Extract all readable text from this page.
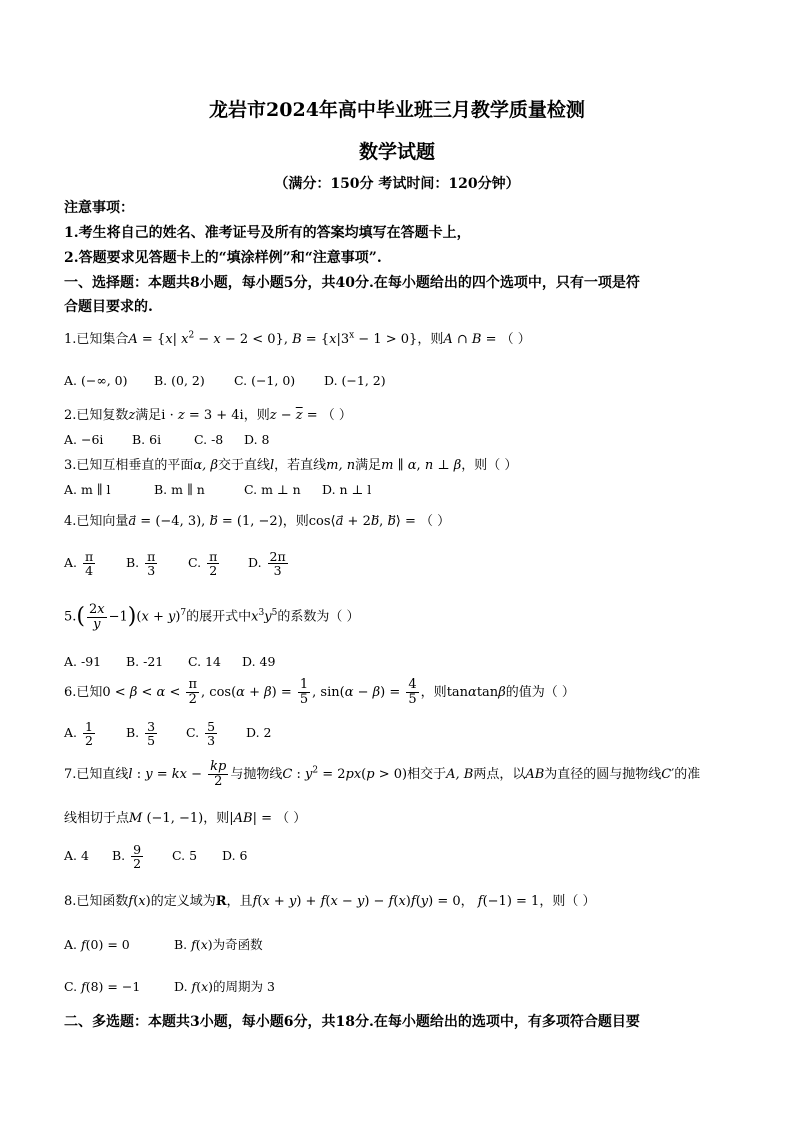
龙岩市2024年高中毕业班三月教学质量检测
数学试题
（满分：150分 考试时间：120分钟）
注意事项：
1.考生将自己的姓名、准考证号及所有的答案均填写在答题卡上，
2.答题要求见答题卡上的“填涂样例”和“注意事项”.
一、选择题：本题共8小题，每小题5分，共40分.在每小题给出的四个选项中，只有一项是符
合题目要求的.
1.已知集合A = {x| $x^2 - x - 2 < 0$}, $B = \{x|3^x - 1 > 0\}$，则A ∩ B = （ ）
A. (−∞, 0) B. (0, 2) C. (−1, 0) D. (−1, 2)
2.已知复数z满足i · z = 3 + 4i，则$z - \overline{z}$ = （ ）
A. −6i B. 6i	C. -8 D. 8
3.已知互相垂直的平面α, β交于直线l，若直线m, n满足m ∥ α, n ⊥ β，则（ ）
A. m ∥ l	B. m ∥ n	C. m ⊥ n D. n ⊥ l
4.已知向量a⃗ = (−4, 3), b⃗ = (1, −2)，则cos⟨a⃗ + 2b⃗, b⃗⟩ = （ ）
A. $\frac{\pi}{4} B$. $\frac{\pi}{3} C$. $\frac{\pi}{2} D$. $\frac{2\pi}{3}$
$5.( \frac{2x}{y} -1)(x + y)^7$的展开式中$x^3y^5$的系数为（ ）
A. -91 B. -21 C. 14 D. 49
6.已知$0 < \beta < \alpha < \frac{\pi}{2}$ , $\cos(\alpha + \beta) = \frac{1}{5}$ , $\sin(\alpha - \beta) = \frac{4}{5}$ ，则tanαtanβ的值为（ ）
A. $\frac{1}{2} B$. $\frac{3}{5} C$. $\frac{5}{3} D$. 2
7.已知直线l : y = kx − $\frac{kp}{2}$ 与抛物线C : $y^2 = 2px(p > 0)$相交于A, B两点，以AB为直径的圆与抛物线C′的准
线相切于点M (−1, −1)，则|AB| = （ ）
A. 4 B. $\frac{9}{2} C$. 5 D. 6
8.已知函数f(x)的定义域为R，且f(x + y) + f(x − y) − f(x)f(y) = 0， f(−1) = 1，则（ ）
A. f(0) = 0	B. f(x)为奇函数
C. f(8) = −1	D. f(x)的周期为 3
二、多选题：本题共3小题，每小题6分，共18分.在每小题给出的选项中，有多项符合题目要
